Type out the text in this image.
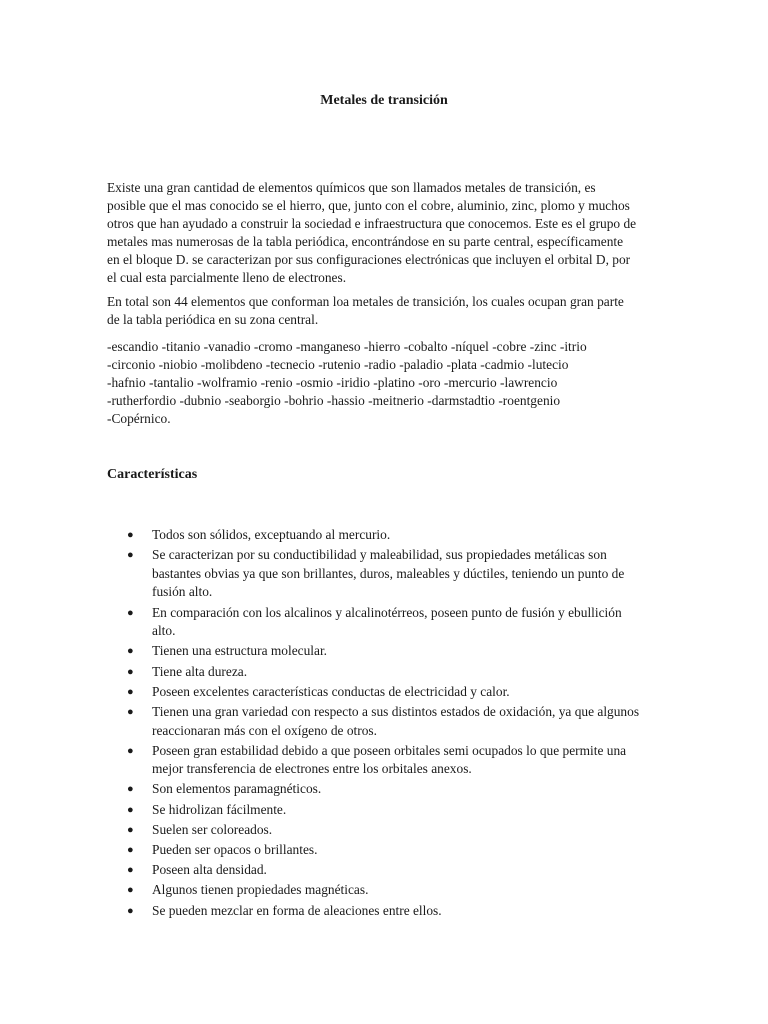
Metales de transición

Existe una gran cantidad de elementos químicos que son llamados metales de transición, es posible que el mas conocido se el hierro, que, junto con el cobre, aluminio, zinc, plomo y muchos otros que han ayudado a construir la sociedad e infraestructura que conocemos. Este es el grupo de metales mas numerosas de la tabla periódica, encontrándose en su parte central, específicamente en el bloque D. se caracterizan por sus configuraciones electrónicas que incluyen el orbital D, por el cual esta parcialmente lleno de electrones.

En total son 44 elementos que conforman loa metales de transición, los cuales ocupan gran parte de la tabla periódica en su zona central.

-escandio -titanio -vanadio -cromo -manganeso -hierro -cobalto -níquel -cobre -zinc -itrio
-circonio -niobio -molibdeno -tecnecio -rutenio -radio -paladio -plata -cadmio -lutecio
-hafnio -tantalio -wolframio -renio -osmio -iridio -platino -oro -mercurio -lawrencio
-rutherfordio -dubnio -seaborgio -bohrio -hassio -meitnerio -darmstadtio -roentgenio
-Copérnico.
Características
● Todos son sólidos, exceptuando al mercurio.
● Se caracterizan por su conductibilidad y maleabilidad, sus propiedades metálicas son bastantes obvias ya que son brillantes, duros, maleables y dúctiles, teniendo un punto de fusión alto.
● En comparación con los alcalinos y alcalinotérreos, poseen punto de fusión y ebullición alto.
● Tienen una estructura molecular.
● Tiene alta dureza.
● Poseen excelentes características conductas de electricidad y calor.
● Tienen una gran variedad con respecto a sus distintos estados de oxidación, ya que algunos reaccionaran más con el oxígeno de otros.
● Poseen gran estabilidad debido a que poseen orbitales semi ocupados lo que permite una mejor transferencia de electrones entre los orbitales anexos.
● Son elementos paramagnéticos.
● Se hidrolizan fácilmente.
● Suelen ser coloreados.
● Pueden ser opacos o brillantes.
● Poseen alta densidad.
● Algunos tienen propiedades magnéticas.
● Se pueden mezclar en forma de aleaciones entre ellos.
